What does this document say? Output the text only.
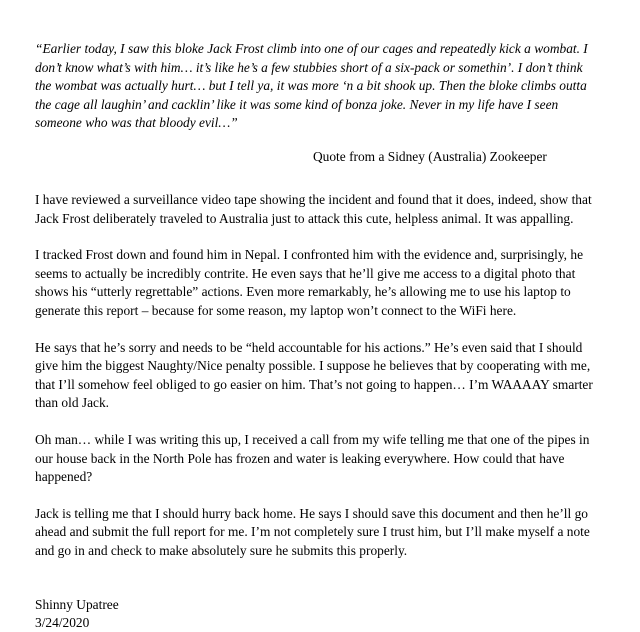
“Earlier today, I saw this bloke Jack Frost climb into one of our cages and repeatedly kick a wombat. I don’t know what’s with him… it’s like he’s a few stubbies short of a six-pack or somethin’. I don’t think the wombat was actually hurt… but I tell ya, it was more ‘n a bit shook up. Then the bloke climbs outta the cage all laughin’ and cacklin’ like it was some kind of bonza joke. Never in my life have I seen someone who was that bloody evil…”

Quote from a Sidney (Australia) Zookeeper

I have reviewed a surveillance video tape showing the incident and found that it does, indeed, show that Jack Frost deliberately traveled to Australia just to attack this cute, helpless animal. It was appalling.

I tracked Frost down and found him in Nepal. I confronted him with the evidence and, surprisingly, he seems to actually be incredibly contrite. He even says that he’ll give me access to a digital photo that shows his “utterly regrettable” actions. Even more remarkably, he’s allowing me to use his laptop to generate this report – because for some reason, my laptop won’t connect to the WiFi here.

He says that he’s sorry and needs to be “held accountable for his actions.” He’s even said that I should give him the biggest Naughty/Nice penalty possible. I suppose he believes that by cooperating with me, that I’ll somehow feel obliged to go easier on him. That’s not going to happen… I’m WAAAAY smarter than old Jack.

Oh man… while I was writing this up, I received a call from my wife telling me that one of the pipes in our house back in the North Pole has frozen and water is leaking everywhere. How could that have happened?

Jack is telling me that I should hurry back home. He says I should save this document and then he’ll go ahead and submit the full report for me. I’m not completely sure I trust him, but I’ll make myself a note and go in and check to make absolutely sure he submits this properly.

Shinny Upatree
3/24/2020
